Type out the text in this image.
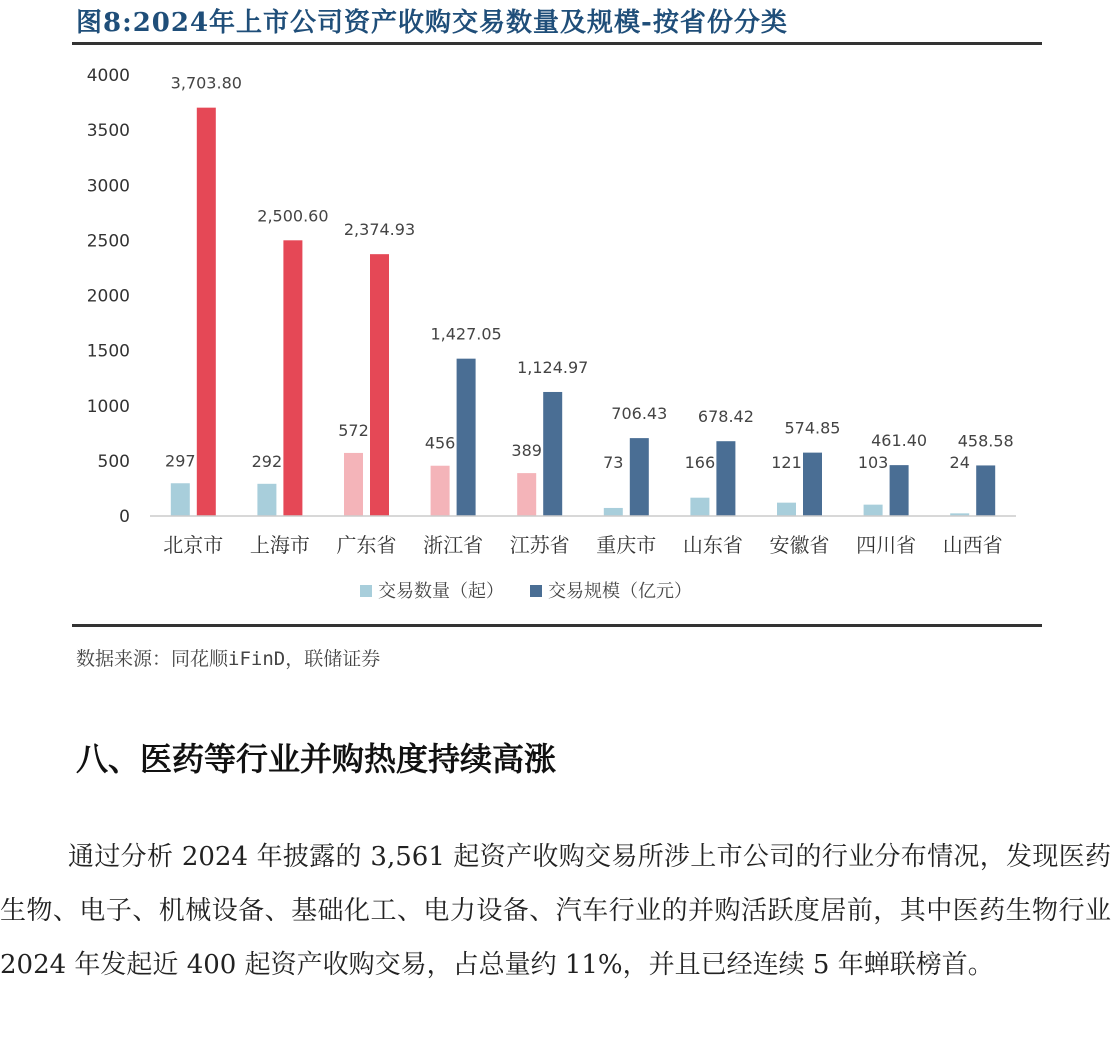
图8:2024年上市公司资产收购交易数量及规模-按省份分类
0
500
1000
1500
2000
2500
3000
3500
4000
297
3,703.80
292
2,500.60
572
2,374.93
456
1,427.05
389
1,124.97
73
706.43
166
678.42
121
574.85
103
461.40
24
458.58
北京市 上海市 广东省 浙江省 江苏省 重庆市 山东省 安徽省 四川省 山西省
交易数量（起） 交易规模（亿元）
数据来源：同花顺iFinD，联储证券
八、医药等行业并购热度持续高涨

通过分析 2024 年披露的 3,561 起资产收购交易所涉上市公司的行业分布情况，发现医药生物、电子、机械设备、基础化工、电力设备、汽车行业的并购活跃度居前，其中医药生物行业 2024 年发起近 400 起资产收购交易，占总量约 11%，并且已经连续 5 年蝉联榜首。
